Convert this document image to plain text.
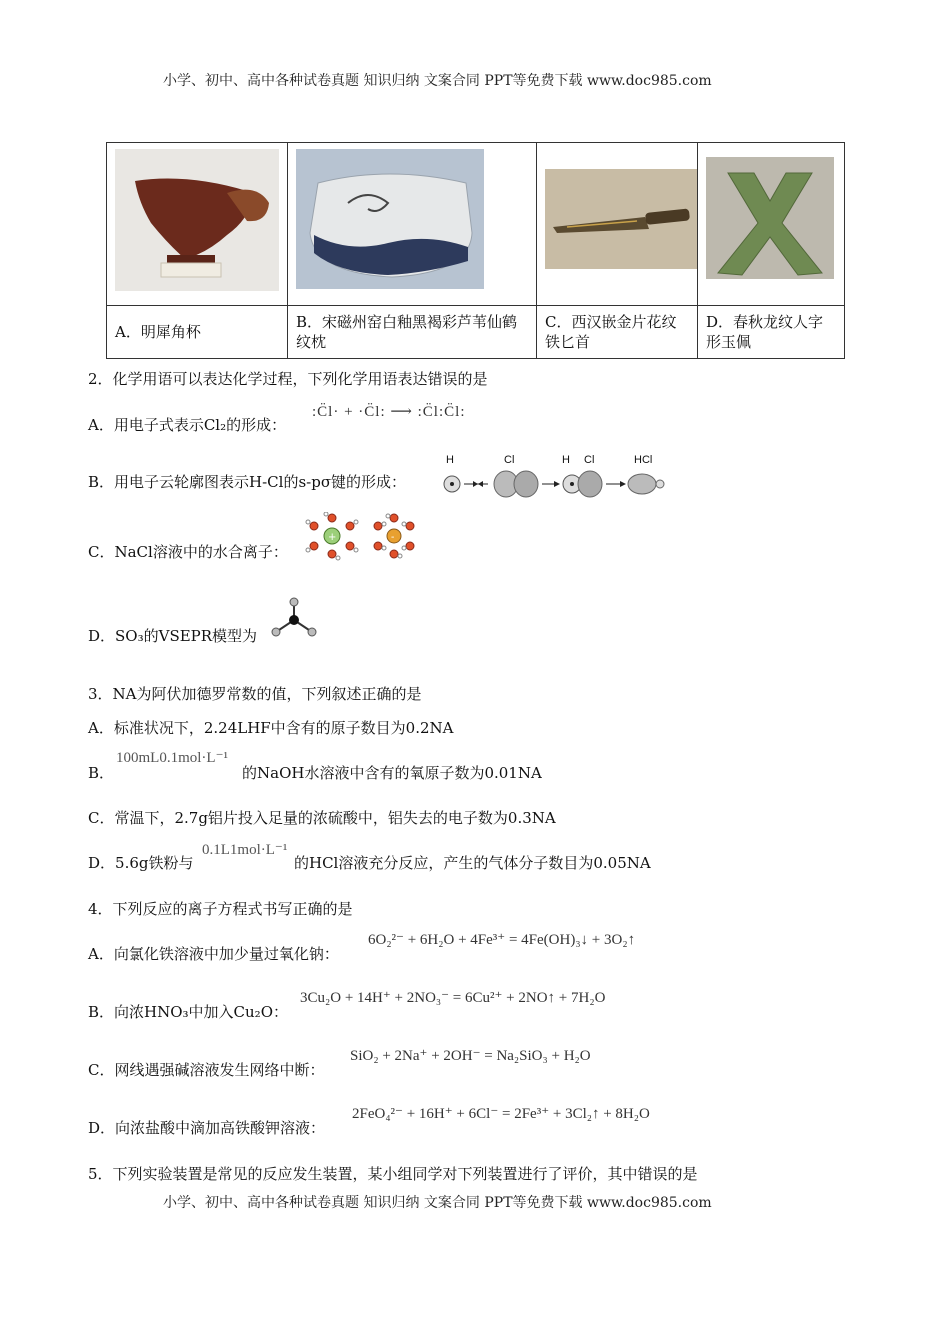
小学、初中、高中各种试卷真题 知识归纳 文案合同 PPT等免费下载 www.doc985.com

A．明犀角杯	B．宋磁州窑白釉黑褐彩芦苇仙鹤纹枕	C．西汉嵌金片花纹铁匕首	D．春秋龙纹人字形玉佩
2．化学用语可以表达化学过程，下列化学用语表达错误的是
A．用电子式表示Cl₂的形成：
:C̈l· + ·C̈l: ⟶ :C̈l:C̈l:
B．用电子云轮廓图表示H-Cl的s-pσ键的形成：
H	Cl	H Cl	HCl
C．NaCl溶液中的水合离子：
+	-
D．SO₃的VSEPR模型为
3．NA为阿伏加德罗常数的值，下列叙述正确的是
A．标准状况下，2.24LHF中含有的原子数目为0.2NA
B．
100mL0.1mol·L⁻¹
的NaOH水溶液中含有的氧原子数为0.01NA
C．常温下，2.7g铝片投入足量的浓硫酸中，铝失去的电子数为0.3NA
D．5.6g铁粉与
0.1L1mol·L⁻¹
的HCl溶液充分反应，产生的气体分子数目为0.05NA
4．下列反应的离子方程式书写正确的是
A．向氯化铁溶液中加少量过氧化钠：
6O₂²⁻ + 6H₂O + 4Fe³⁺ = 4Fe(OH)₃↓ + 3O₂↑
B．向浓HNO₃中加入Cu₂O：
3Cu₂O + 14H⁺ + 2NO₃⁻ = 6Cu²⁺ + 2NO↑ + 7H₂O
C．网线遇强碱溶液发生网络中断：
SiO₂ + 2Na⁺ + 2OH⁻ = Na₂SiO₃ + H₂O
D．向浓盐酸中滴加高铁酸钾溶液：
2FeO₄²⁻ + 16H⁺ + 6Cl⁻ = 2Fe³⁺ + 3Cl₂↑ + 8H₂O
5．下列实验装置是常见的反应发生装置，某小组同学对下列装置进行了评价，其中错误的是
小学、初中、高中各种试卷真题 知识归纳 文案合同 PPT等免费下载 www.doc985.com
